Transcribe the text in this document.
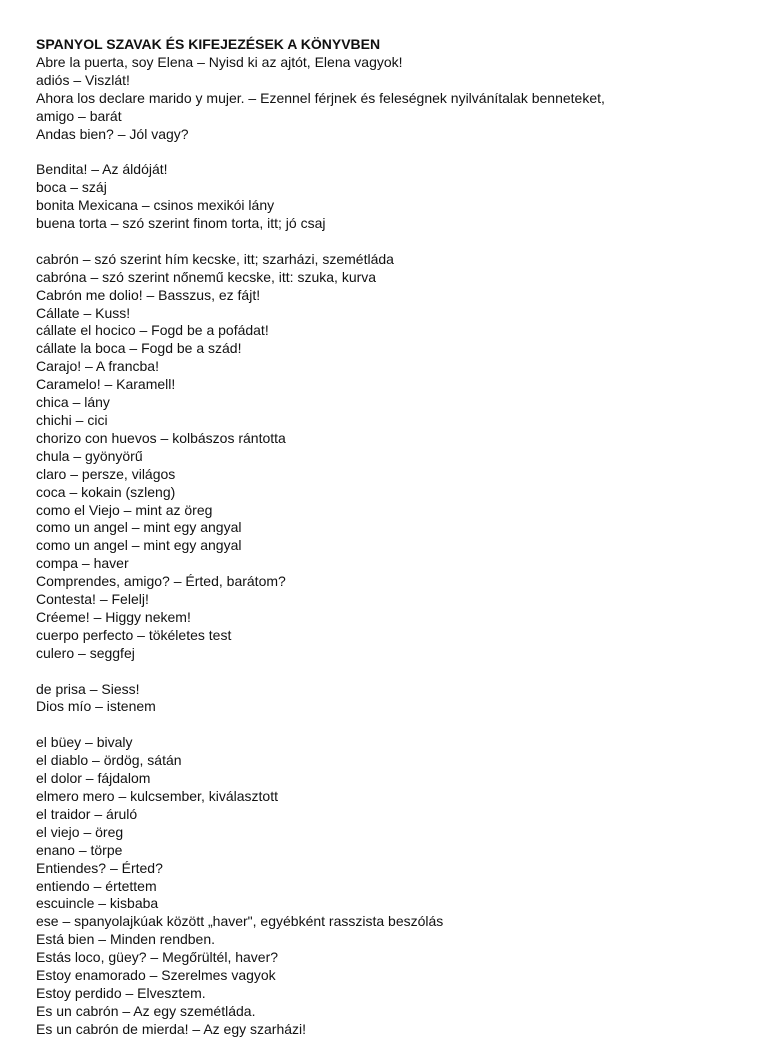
SPANYOL SZAVAK ÉS KIFEJEZÉSEK A KÖNYVBEN
Abre la puerta, soy Elena – Nyisd ki az ajtót, Elena vagyok!
adiós – Viszlát!
Ahora los declare marido y mujer. – Ezennel férjnek és feleségnek nyilvánítalak benneteket,
amigo – barát
Andas bien? – Jól vagy?
Bendita! – Az áldóját!
boca – száj
bonita Mexicana – csinos mexikói lány
buena torta – szó szerint finom torta, itt; jó csaj
cabrón – szó szerint hím kecske, itt; szarházi, szemétláda
cabróna – szó szerint nőnemű kecske, itt: szuka, kurva
Cabrón me dolio! – Basszus, ez fájt!
Cállate – Kuss!
cállate el hocico – Fogd be a pofádat!
cállate la boca – Fogd be a szád!
Carajo! – A francba!
Caramelo! – Karamell!
chica – lány
chichi – cici
chorizo con huevos – kolbászos rántotta
chula – gyönyörű
claro – persze, világos
coca – kokain (szleng)
como el Viejo – mint az öreg
como un angel – mint egy angyal
como un angel – mint egy angyal
compa – haver
Comprendes, amigo? – Érted, barátom?
Contesta! – Felelj!
Créeme! – Higgy nekem!
cuerpo perfecto – tökéletes test
culero – seggfej
de prisa – Siess!
Dios mío – istenem
el büey – bivaly
el diablo – ördög, sátán
el dolor – fájdalom
elmero mero – kulcsember, kiválasztott
el traidor – áruló
el viejo – öreg
enano – törpe
Entiendes? – Érted?
entiendo – értettem
escuincle – kisbaba
ese – spanyolajkúak között „haver", egyébként rasszista beszólás
Está bien – Minden rendben.
Estás loco, güey? – Megőrültél, haver?
Estoy enamorado – Szerelmes vagyok
Estoy perdido – Elvesztem.
Es un cabrón – Az egy szemétláda.
Es un cabrón de mierda! – Az egy szarházi!
